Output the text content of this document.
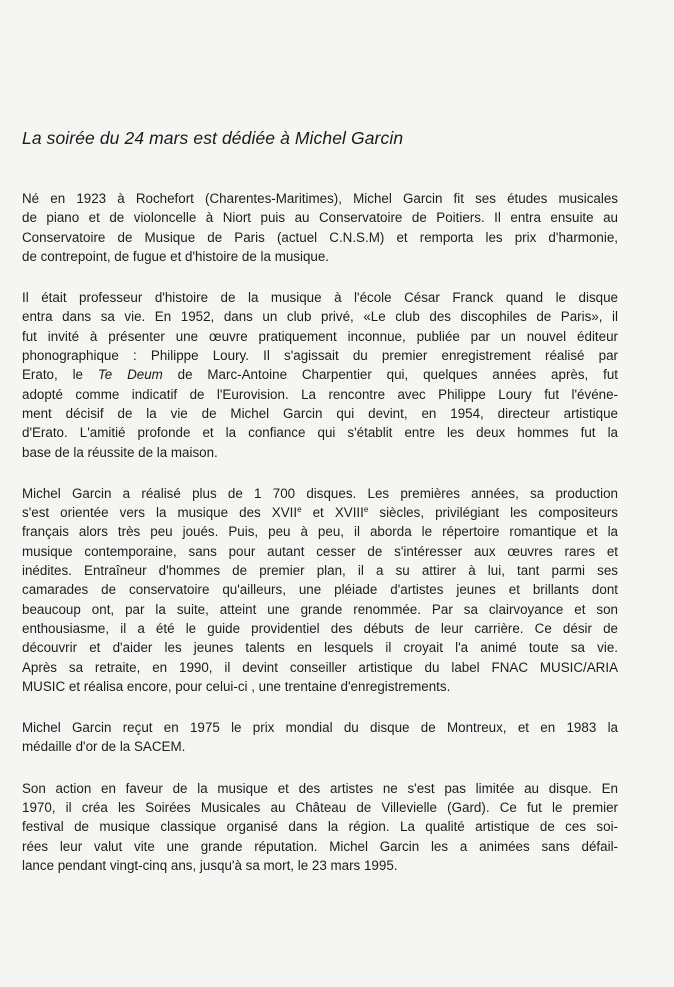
La soirée du 24 mars est dédiée à Michel Garcin

Né en 1923 à Rochefort (Charentes-Maritimes), Michel Garcin fit ses études musicales
de piano et de violoncelle à Niort puis au Conservatoire de Poitiers. Il entra ensuite au
Conservatoire de Musique de Paris (actuel C.N.S.M) et remporta les prix d'harmonie,
de contrepoint, de fugue et d'histoire de la musique.

Il était professeur d'histoire de la musique à l'école César Franck quand le disque
entra dans sa vie. En 1952, dans un club privé, «Le club des discophiles de Paris», il
fut invité à présenter une œuvre pratiquement inconnue, publiée par un nouvel éditeur
phonographique : Philippe Loury. Il s'agissait du premier enregistrement réalisé par
Erato, le Te Deum de Marc-Antoine Charpentier qui, quelques années après, fut
adopté comme indicatif de l'Eurovision. La rencontre avec Philippe Loury fut l'événe-
ment décisif de la vie de Michel Garcin qui devint, en 1954, directeur artistique
d'Erato. L'amitié profonde et la confiance qui s'établit entre les deux hommes fut la
base de la réussite de la maison.

Michel Garcin a réalisé plus de 1 700 disques. Les premières années, sa production
s'est orientée vers la musique des XVIIe et XVIIIe siècles, privilégiant les compositeurs
français alors très peu joués. Puis, peu à peu, il aborda le répertoire romantique et la
musique contemporaine, sans pour autant cesser de s'intéresser aux œuvres rares et
inédites. Entraîneur d'hommes de premier plan, il a su attirer à lui, tant parmi ses
camarades de conservatoire qu'ailleurs, une pléiade d'artistes jeunes et brillants dont
beaucoup ont, par la suite, atteint une grande renommée. Par sa clairvoyance et son
enthousiasme, il a été le guide providentiel des débuts de leur carrière. Ce désir de
découvrir et d'aider les jeunes talents en lesquels il croyait l'a animé toute sa vie.
Après sa retraite, en 1990, il devint conseiller artistique du label FNAC MUSIC/ARIA
MUSIC et réalisa encore, pour celui-ci , une trentaine d'enregistrements.

Michel Garcin reçut en 1975 le prix mondial du disque de Montreux, et en 1983 la
médaille d'or de la SACEM.

Son action en faveur de la musique et des artistes ne s'est pas limitée au disque. En
1970, il créa les Soirées Musicales au Château de Villevielle (Gard). Ce fut le premier
festival de musique classique organisé dans la région. La qualité artistique de ces soi-
rées leur valut vite une grande réputation. Michel Garcin les a animées sans défail-
lance pendant vingt-cinq ans, jusqu'à sa mort, le 23 mars 1995.
